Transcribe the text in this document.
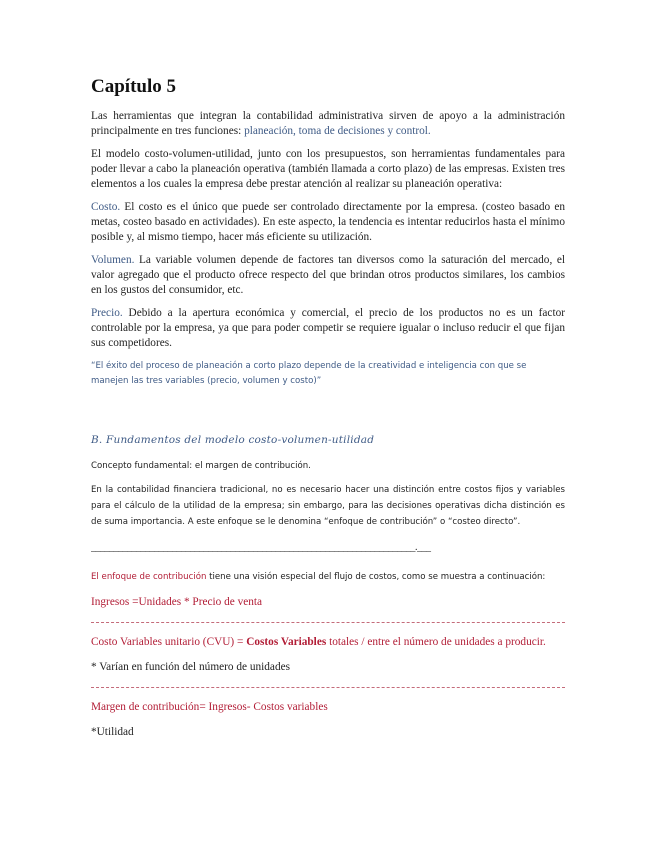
Capítulo 5

Las herramientas que integran la contabilidad administrativa sirven de apoyo a la administración principalmente en tres funciones: planeación, toma de decisiones y control.

El modelo costo-volumen-utilidad, junto con los presupuestos, son herramientas fundamentales para poder llevar a cabo la planeación operativa (también llamada a corto plazo) de las empresas. Existen tres elementos a los cuales la empresa debe prestar atención al realizar su planeación operativa:

Costo. El costo es el único que puede ser controlado directamente por la empresa. (costeo basado en metas, costeo basado en actividades). En este aspecto, la tendencia es intentar reducirlos hasta el mínimo posible y, al mismo tiempo, hacer más eficiente su utilización.

Volumen. La variable volumen depende de factores tan diversos como la saturación del mercado, el valor agregado que el producto ofrece respecto del que brindan otros productos similares, los cambios en los gustos del consumidor, etc.

Precio. Debido a la apertura económica y comercial, el precio de los productos no es un factor controlable por la empresa, ya que para poder competir se requiere igualar o incluso reducir el que fijan sus competidores.

“El éxito del proceso de planeación a corto plazo depende de la creatividad e inteligencia con que se manejen las tres variables (precio, volumen y costo)”

B. Fundamentos del modelo costo-volumen-utilidad

Concepto fundamental: el margen de contribución.

En la contabilidad financiera tradicional, no es necesario hacer una distinción entre costos fijos y variables para el cálculo de la utilidad de la empresa; sin embargo, para las decisiones operativas dicha distinción es de suma importancia. A este enfoque se le denomina “enfoque de contribución” o “costeo directo”.

________________________________________________________________________.___

El enfoque de contribución tiene una visión especial del flujo de costos, como se muestra a continuación:

Ingresos =Unidades * Precio de venta

Costo Variables unitario (CVU) = Costos Variables totales / entre el número de unidades a producir.

* Varían en función del número de unidades

Margen de contribución= Ingresos- Costos variables

*Utilidad
